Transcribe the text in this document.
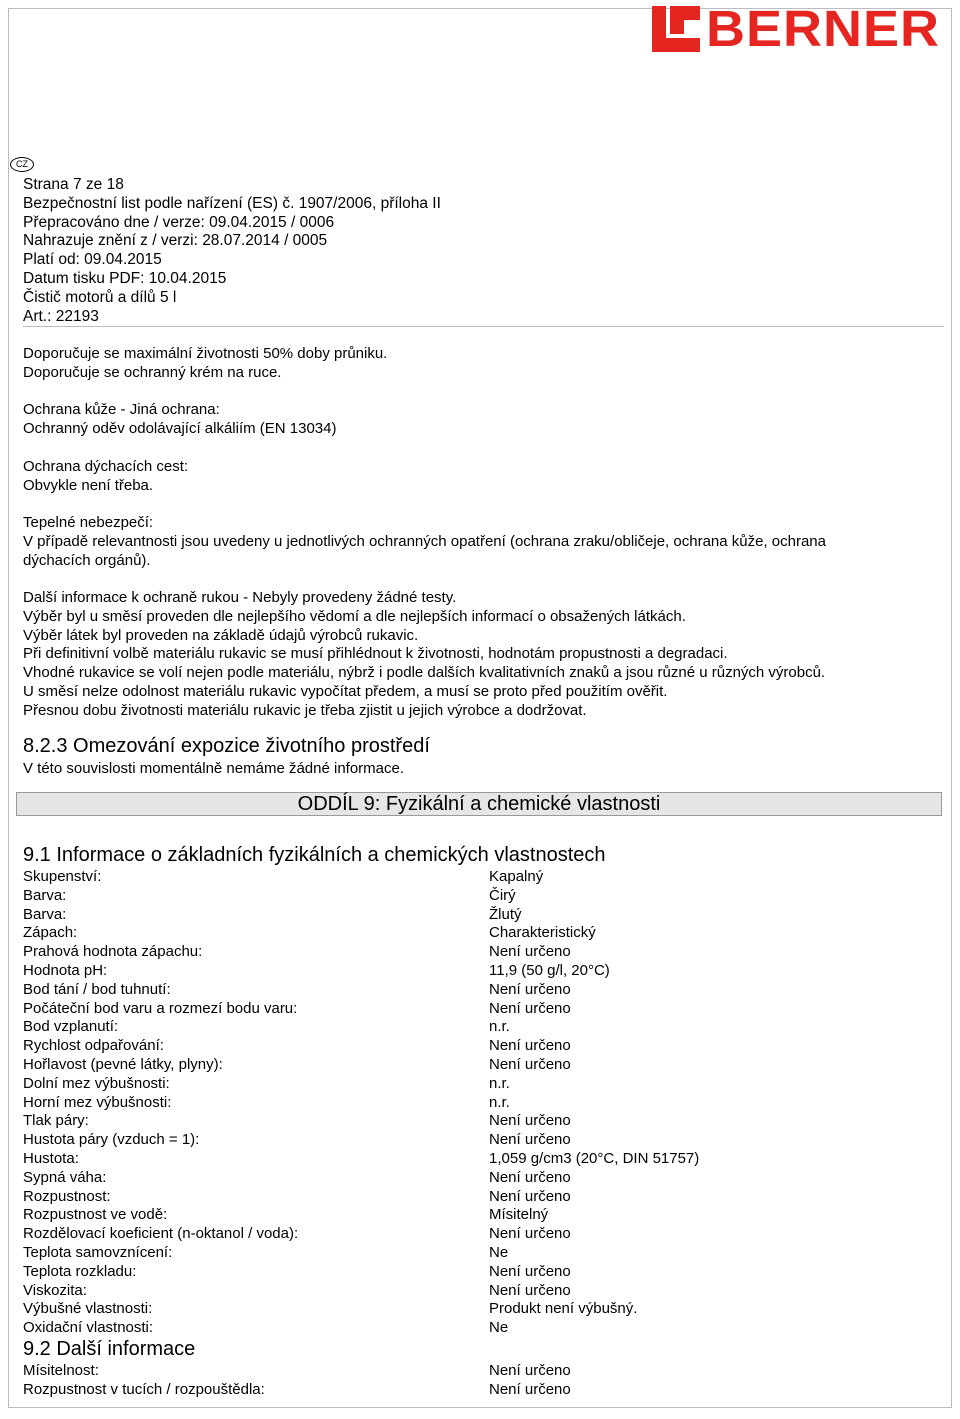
BERNER
CZ
Strana 7 ze 18
Bezpečnostní list podle nařízení (ES) č. 1907/2006, příloha II
Přepracováno dne / verze: 09.04.2015 / 0006
Nahrazuje znění z / verzi: 28.07.2014 / 0005
Platí od: 09.04.2015
Datum tisku PDF: 10.04.2015
Čistič motorů a dílů 5 l
Art.: 22193

Doporučuje se maximální životnosti 50% doby průniku.

Doporučuje se ochranný krém na ruce.

Ochrana kůže - Jiná ochrana:

Ochranný oděv odolávající alkáliím (EN 13034)

Ochrana dýchacích cest:

Obvykle není třeba.

Tepelné nebezpečí:

V případě relevantnosti jsou uvedeny u jednotlivých ochranných opatření (ochrana zraku/obličeje, ochrana kůže, ochrana

dýchacích orgánů).

Další informace k ochraně rukou - Nebyly provedeny žádné testy.

Výběr byl u směsí proveden dle nejlepšího vědomí a dle nejlepších informací o obsažených látkách.

Výběr látek byl proveden na základě údajů výrobců rukavic.

Při definitivní volbě materiálu rukavic se musí přihlédnout k životnosti, hodnotám propustnosti a degradaci.

Vhodné rukavice se volí nejen podle materiálu, nýbrž i podle dalších kvalitativních znaků a jsou různé u různých výrobců.

U směsí nelze odolnost materiálu rukavic vypočítat předem, a musí se proto před použitím ověřit.

Přesnou dobu životnosti materiálu rukavic je třeba zjistit u jejich výrobce a dodržovat.

8.2.3 Omezování expozice životního prostředí

V této souvislosti momentálně nemáme žádné informace.

ODDÍL 9: Fyzikální a chemické vlastnosti
9.1 Informace o základních fyzikálních a chemických vlastnostech
Skupenství:	Kapalný
Barva:	Čirý
Barva:	Žlutý
Zápach:	Charakteristický
Prahová hodnota zápachu:	Není určeno
Hodnota pH:	11,9 (50 g/l, 20°C)
Bod tání / bod tuhnutí:	Není určeno
Počáteční bod varu a rozmezí bodu varu:	Není určeno
Bod vzplanutí:	n.r.
Rychlost odpařování:	Není určeno
Hořlavost (pevné látky, plyny):	Není určeno
Dolní mez výbušnosti:	n.r.
Horní mez výbušnosti:	n.r.
Tlak páry:	Není určeno
Hustota páry (vzduch = 1):	Není určeno
Hustota:	1,059 g/cm3 (20°C, DIN 51757)
Sypná váha:	Není určeno
Rozpustnost:	Není určeno
Rozpustnost ve vodě:	Mísitelný
Rozdělovací koeficient (n-oktanol / voda):	Není určeno
Teplota samovznícení:	Ne
Teplota rozkladu:	Není určeno
Viskozita:	Není určeno
Výbušné vlastnosti:	Produkt není výbušný.
Oxidační vlastnosti:	Ne
9.2 Další informace
Mísitelnost:	Není určeno
Rozpustnost v tucích / rozpouštědla:	Není určeno
